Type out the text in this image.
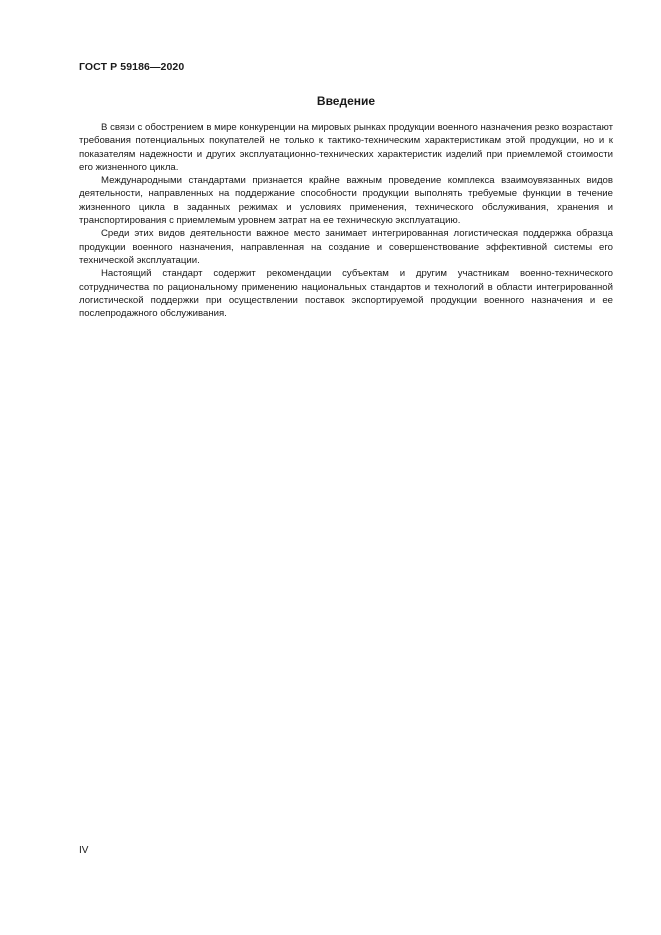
ГОСТ Р 59186—2020
Введение

В связи с обострением в мире конкуренции на мировых рынках продукции военного назначения резко возрастают требования потенциальных покупателей не только к тактико-техническим характеристикам этой продукции, но и к показателям надежности и других эксплуатационно-технических характеристик изделий при приемлемой стоимости его жизненного цикла.

Международными стандартами признается крайне важным проведение комплекса взаимоувязанных видов деятельности, направленных на поддержание способности продукции выполнять требуемые функции в течение жизненного цикла в заданных режимах и условиях применения, технического обслуживания, хранения и транспортирования с приемлемым уровнем затрат на ее техническую эксплуатацию.

Среди этих видов деятельности важное место занимает интегрированная логистическая поддержка образца продукции военного назначения, направленная на создание и совершенствование эффективной системы его технической эксплуатации.

Настоящий стандарт содержит рекомендации субъектам и другим участникам военно-технического сотрудничества по рациональному применению национальных стандартов и технологий в области интегрированной логистической поддержки при осуществлении поставок экспортируемой продукции военного назначения и ее послепродажного обслуживания.

IV
